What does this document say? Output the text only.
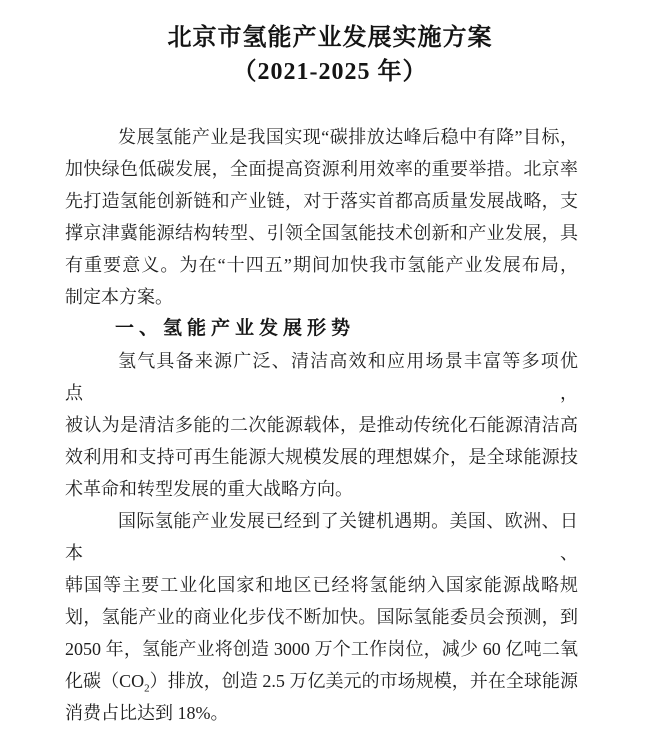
北京市氢能产业发展实施方案
（2021-2025 年）

发展氢能产业是我国实现“碳排放达峰后稳中有降”目标，

加快绿色低碳发展，全面提高资源利用效率的重要举措。北京率

先打造氢能创新链和产业链，对于落实首都高质量发展战略，支

撑京津冀能源结构转型、引领全国氢能技术创新和产业发展，具

有重要意义。为在“十四五”期间加快我市氢能产业发展布局，

制定本方案。

一、氢能产业发展形势

氢气具备来源广泛、清洁高效和应用场景丰富等多项优点，

被认为是清洁多能的二次能源载体，是推动传统化石能源清洁高

效利用和支持可再生能源大规模发展的理想媒介，是全球能源技

术革命和转型发展的重大战略方向。

国际氢能产业发展已经到了关键机遇期。美国、欧洲、日本、

韩国等主要工业化国家和地区已经将氢能纳入国家能源战略规

划，氢能产业的商业化步伐不断加快。国际氢能委员会预测，到

2050 年，氢能产业将创造 3000 万个工作岗位，减少 60 亿吨二氧

化碳$(CO_2)$排放，创造 2.5 万亿美元的市场规模，并在全球能源

消费占比达到 18%。
